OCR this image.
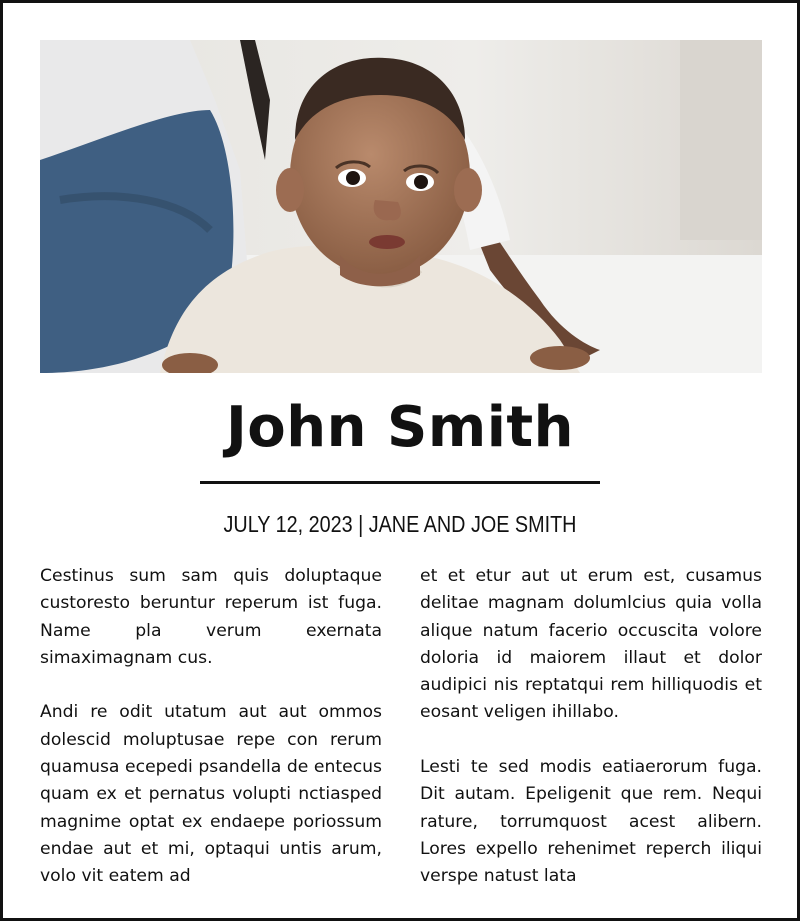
John Smith
JULY 12, 2023 | JANE AND JOE SMITH

Cestinus sum sam quis doluptaque custoresto beruntur reperum ist fuga. Name pla verum exernata simaximagnam cus.

Andi re odit utatum aut aut ommos dolescid moluptusae repe con rerum quamusa ecepedi psandella de entecus quam ex et pernatus volupti nctiasped magnime optat ex endaepe poriossum endae aut et mi, optaqui untis arum, volo vit eatem ad

et et etur aut ut erum est, cusamus delitae magnam dolumlcius quia volla alique natum facerio occuscita volore doloria id maiorem illaut et dolor audipici nis reptatqui rem hilliquodis et eosant veligen ihillabo.

Lesti te sed modis eatiaerorum fuga. Dit autam. Epeligenit que rem. Nequi rature, torrumquost acest alibern. Lores expello rehenimet reperch iliqui verspe natust lata
